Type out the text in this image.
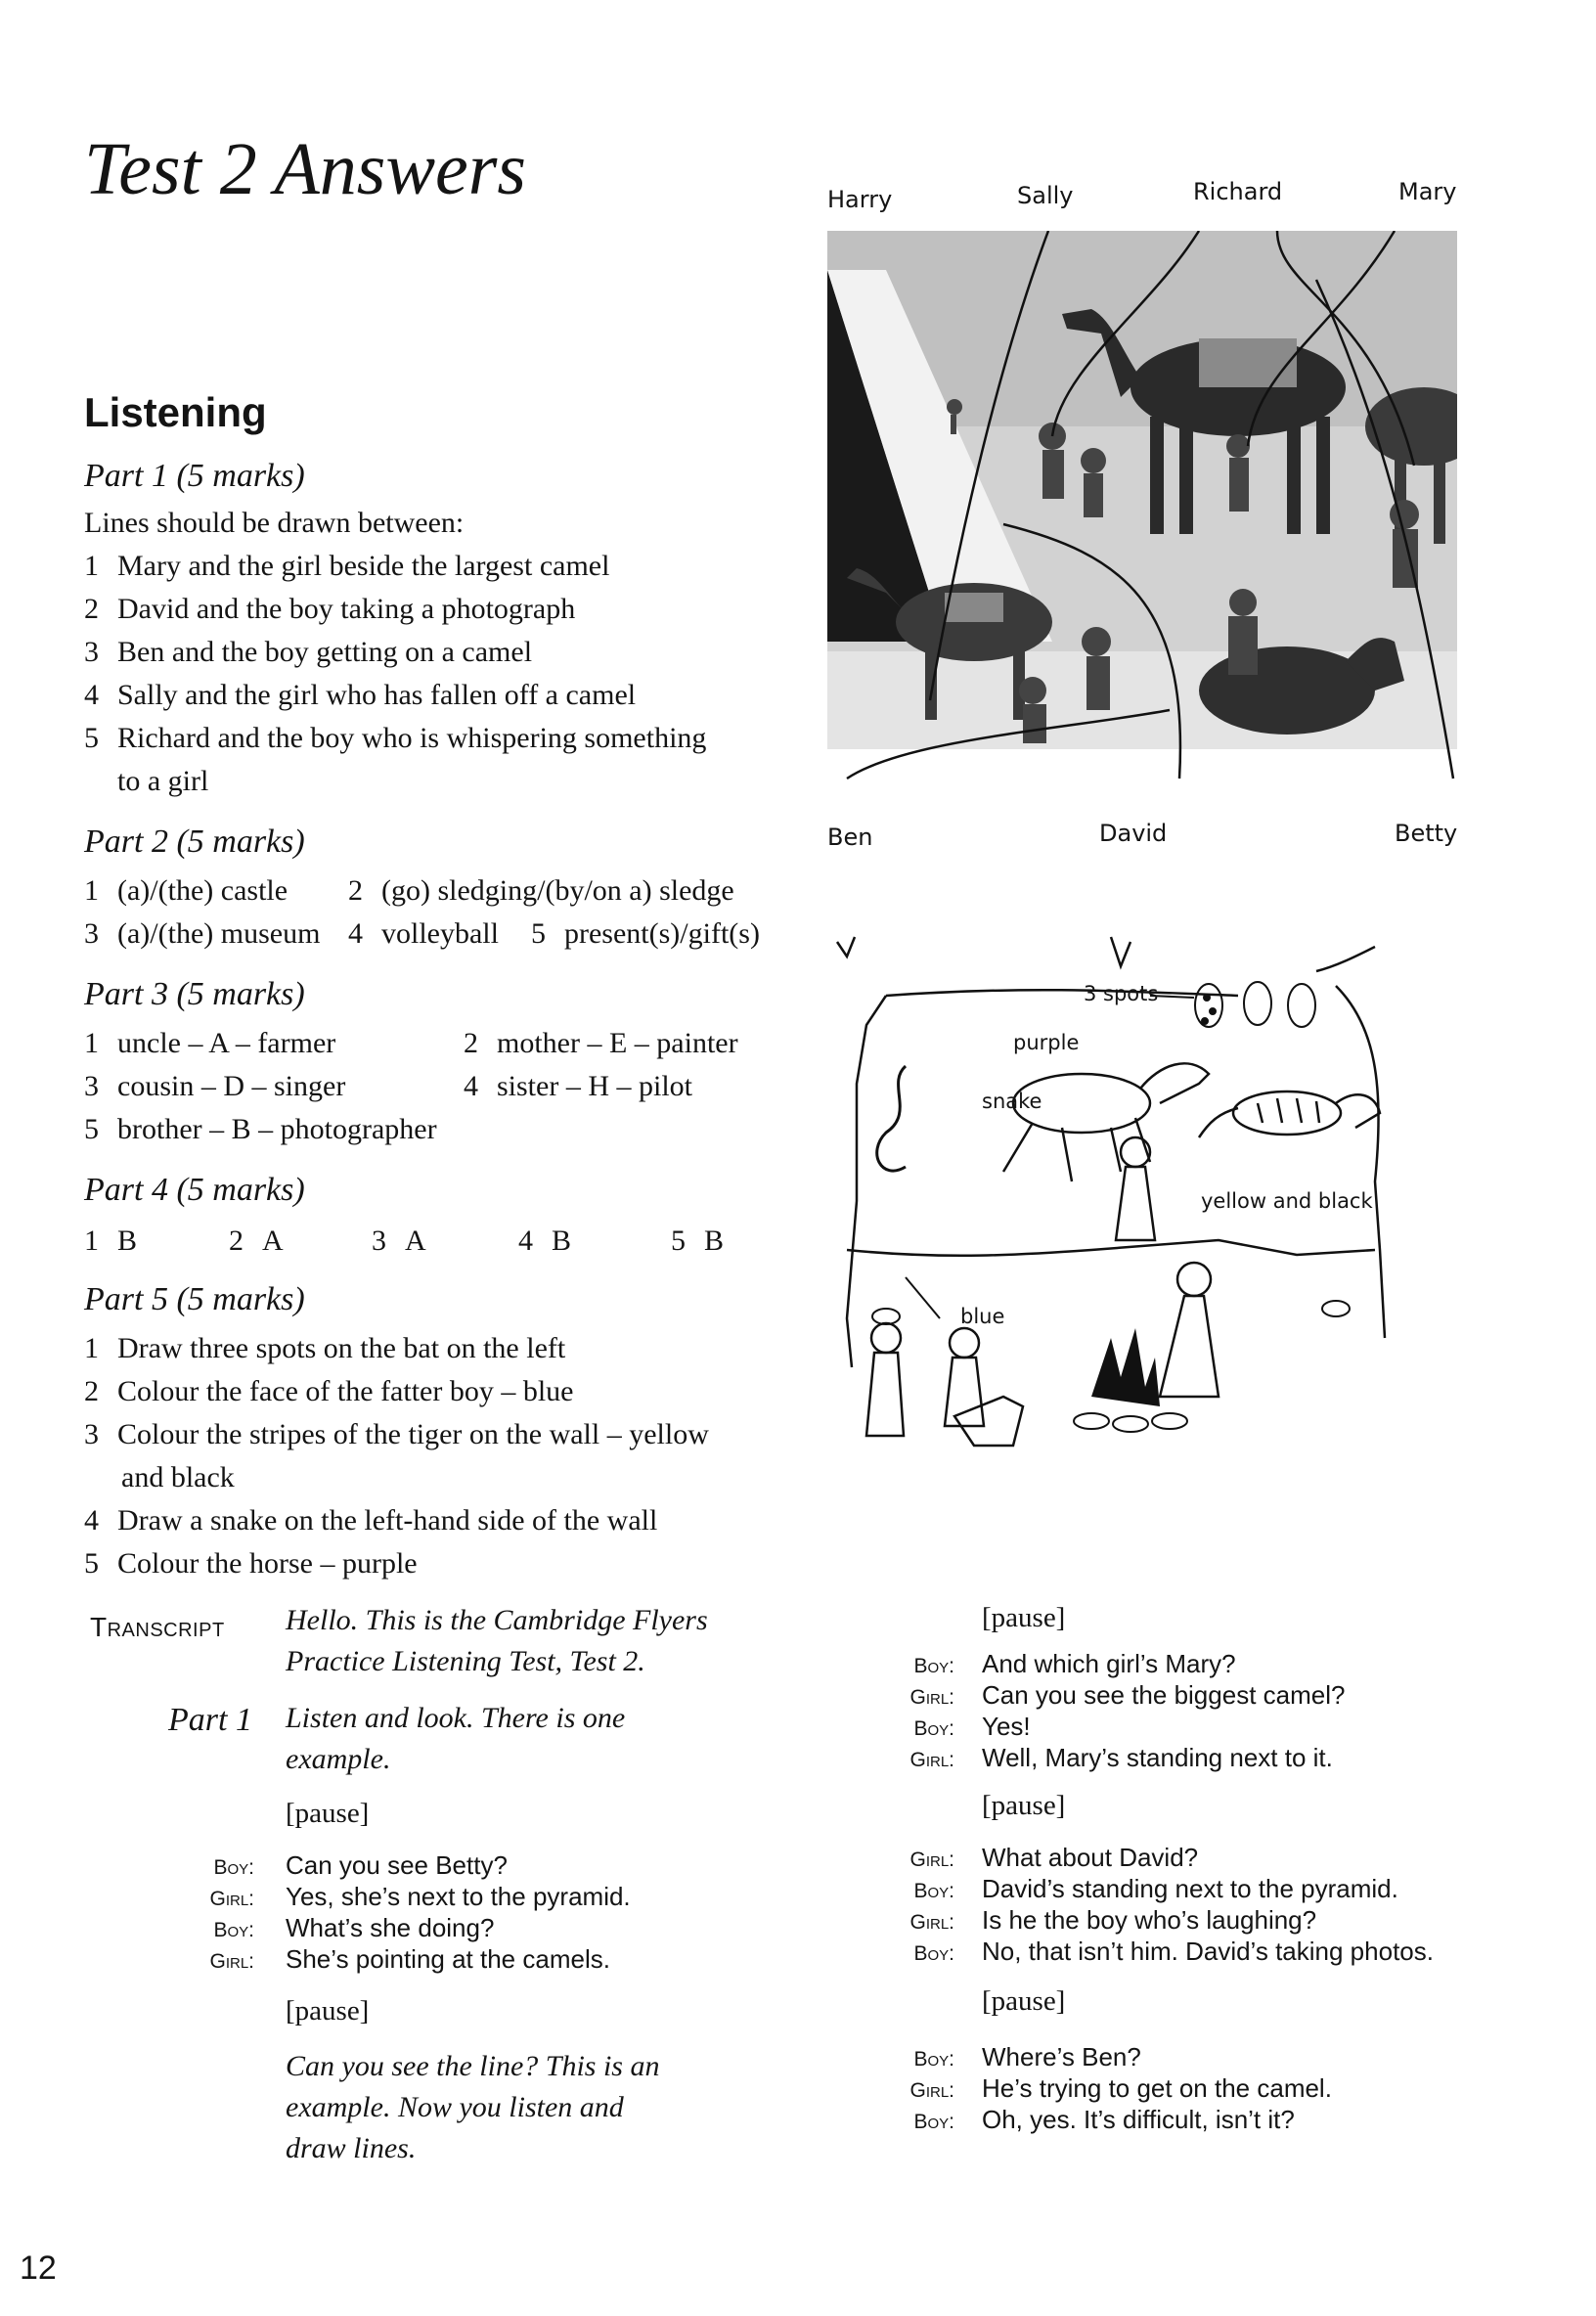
Test 2 Answers
Listening
Part 1 (5 marks)
Lines should be drawn between:
1 Mary and the girl beside the largest camel
2 David and the boy taking a photograph
3 Ben and the boy getting on a camel
4 Sally and the girl who has fallen off a camel
5 Richard and the boy who is whispering something
to a girl
Part 2 (5 marks)
1 (a)/(the) castle 2 (go) sledging/(by/on a) sledge
3 (a)/(the) museum 4 volleyball 5 present(s)/gift(s)
Part 3 (5 marks)
1 uncle – A – farmer	2 mother – E – painter
3 cousin – D – singer	4 sister – H – pilot
5 brother – B – photographer
Part 4 (5 marks)
1 B	2 A	3 A	4 B	5 B
Part 5 (5 marks)
1 Draw three spots on the bat on the left
2 Colour the face of the fatter boy – blue
3 Colour the stripes of the tiger on the wall – yellow
and black
4 Draw a snake on the left-hand side of the wall
5 Colour the horse – purple
Harry	Sally	Richard	Mary
Ben	David	Betty
3 spots
purple
snake
yellow and black
blue
Transcript Hello. This is the Cambridge Flyers
Practice Listening Test, Test 2.
Part 1 Listen and look. There is one
example.
[pause]
Boy: Can you see Betty?
Girl: Yes, she’s next to the pyramid.
Boy: What’s she doing?
Girl: She’s pointing at the camels.
[pause]
Can you see the line? This is an
example. Now you listen and
draw lines.
[pause]
Boy: And which girl’s Mary?
Girl: Can you see the biggest camel?
Boy: Yes!
Girl: Well, Mary’s standing next to it.
[pause]
Girl: What about David?
Boy: David’s standing next to the pyramid.
Girl: Is he the boy who’s laughing?
Boy: No, that isn’t him. David’s taking photos.
[pause]
Boy: Where’s Ben?
Girl: He’s trying to get on the camel.
Boy: Oh, yes. It’s difficult, isn’t it?
12
